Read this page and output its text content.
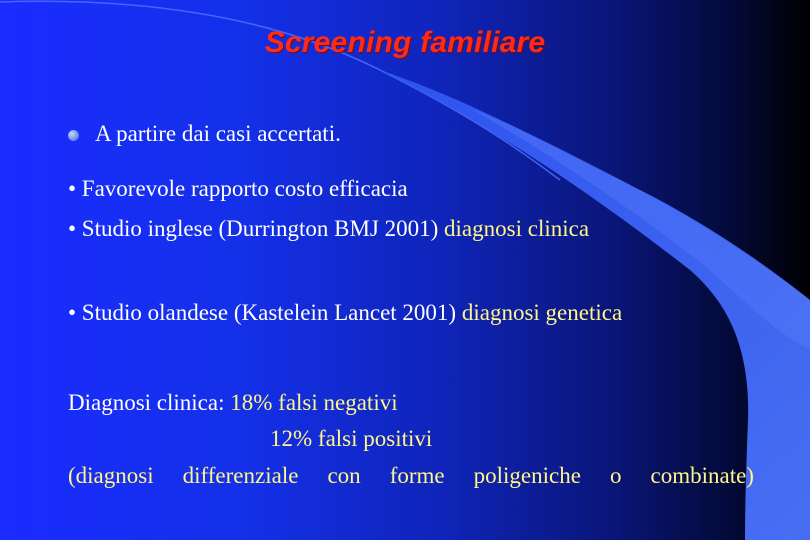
Screening familiare
A partire dai casi accertati.
• Favorevole rapporto costo efficacia
• Studio inglese (Durrington BMJ 2001) diagnosi clinica
• Studio olandese (Kastelein Lancet 2001) diagnosi genetica
Diagnosi clinica: 18% falsi negativi
12% falsi positivi
(diagnosi differenziale con forme poligeniche o combinate)
